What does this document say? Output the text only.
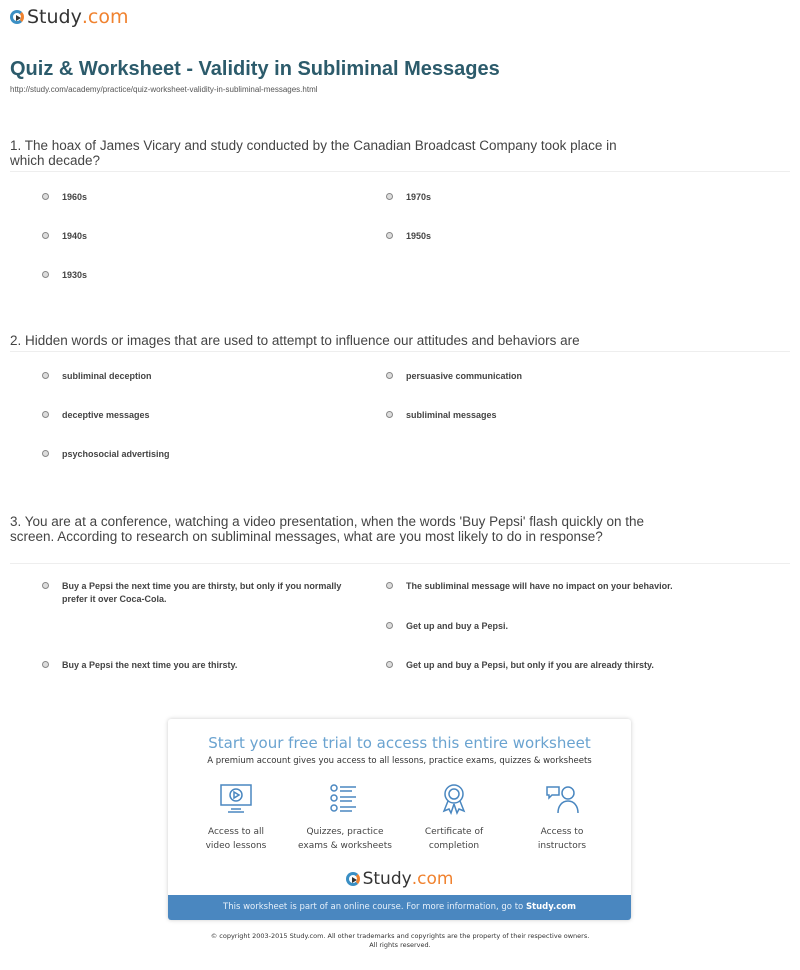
Study .com
Quiz & Worksheet - Validity in Subliminal Messages
http://study.com/academy/practice/quiz-worksheet-validity-in-subliminal-messages.html
1. The hoax of James Vicary and study conducted by the Canadian Broadcast Company took place in which decade?
1960s	1970s
1940s	1950s
1930s
2. Hidden words or images that are used to attempt to influence our attitudes and behaviors are
subliminal deception	persuasive communication
deceptive messages	subliminal messages
psychosocial advertising
3. You are at a conference, watching a video presentation, when the words 'Buy Pepsi' flash quickly on the screen. According to research on subliminal messages, what are you most likely to do in response?
Buy a Pepsi the next time you are thirsty, but only if you normally prefer it over Coca-Cola.
The subliminal message will have no impact on your behavior.
Get up and buy a Pepsi.
Buy a Pepsi the next time you are thirsty.	Get up and buy a Pepsi, but only if you are already thirsty.
Start your free trial to access this entire worksheet
A premium account gives you access to all lessons, practice exams, quizzes & worksheets
Access to all
video lessons
Quizzes, practice
exams & worksheets
Certificate of
completion
Access to
instructors
Study .com
This worksheet is part of an online course. For more information, go to Study.com
© copyright 2003-2015 Study.com. All other trademarks and copyrights are the property of their respective owners.
All rights reserved.
